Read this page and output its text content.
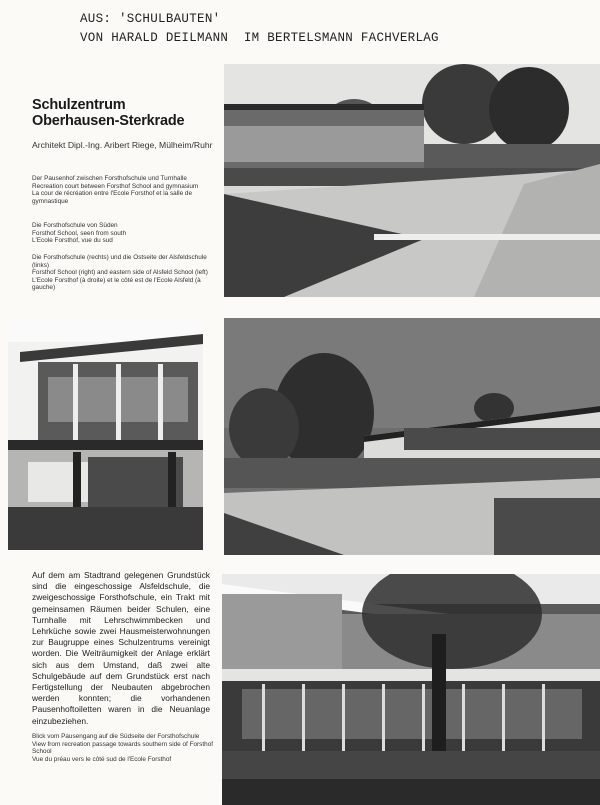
AUS: 'SCHULBAUTEN'
VON HARALD DEILMANN  IM BERTELSMANN FACHVERLAG
Schulzentrum
Oberhausen-Sterkrade
Architekt Dipl.-Ing. Aribert Riege, Mülheim/Ruhr
Der Pausenhof zwischen Forsthofschule und Turnhalle
Recreation court between Forsthof School and gymnasium
La cour de récréation entre l'Ecole Forsthof et la salle de gymnastique
Die Forsthofschule von Süden
Forsthof School, seen from south
L'Ecole Forsthof, vue du sud
Die Forsthofschule (rechts) und die Ostseite der Alsfeldschule (links)
Forsthof School (right) and eastern side of Alsfeld School (left)
L'Ecole Forsthof (à droite) et le côté est de l'Ecole Alsfeld (à gauche)
Auf dem am Stadtrand gelegenen Grundstück sind die eingeschossige Alsfeldschule, die zweigeschossige Forsthofschule, ein Trakt mit gemeinsamen Räumen beider Schulen, eine Turnhalle mit Lehrschwimmbecken und Lehrküche sowie zwei Hausmeisterwohnungen zur Baugruppe eines Schulzentrums vereinigt worden. Die Weiträumigkeit der Anlage erklärt sich aus dem Umstand, daß zwei alte Schulgebäude auf dem Grundstück erst nach Fertigstellung der Neubauten abgebrochen werden konnten; die vorhandenen Pausenhoftoiletten waren in die Neuanlage einzubeziehen.
Blick vom Pausengang auf die Südseite der Forsthofschule
View from recreation passage towards southern side of Forsthof School
Vue du préau vers le côté sud de l'Ecole Forsthof
